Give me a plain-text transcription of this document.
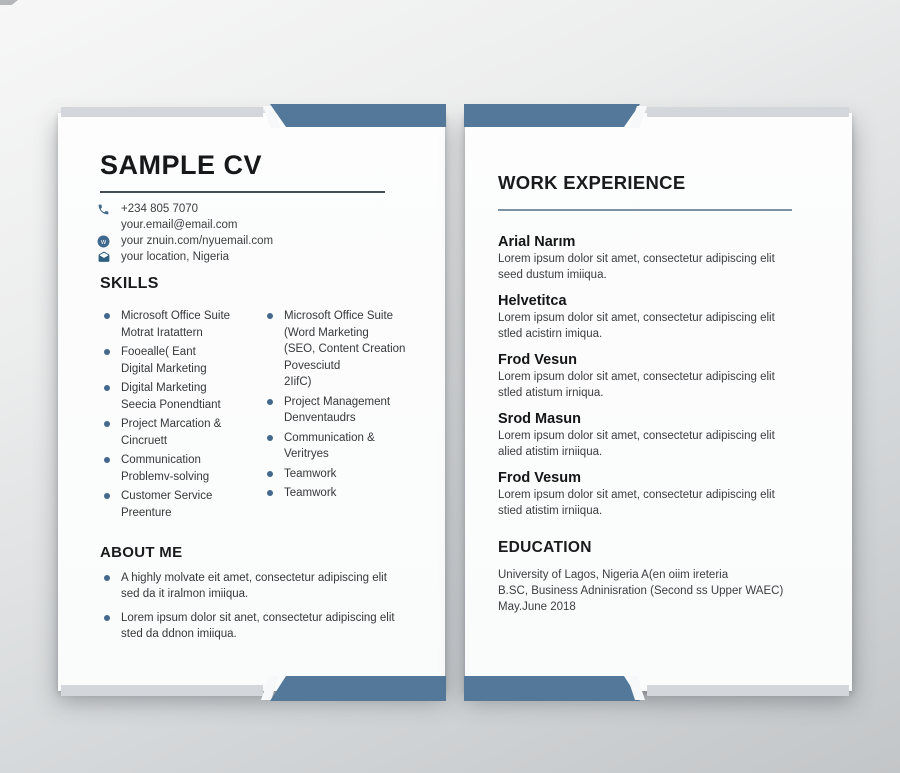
SAMPLE CV
+234 805 7070
your.email@email.com
w your znuin.com/nyuemail.com
your location, Nigeria
SKILLS
Microsoft Office Suite
Motrat Iratattern
Fooealle( Eant
Digital Marketing
Digital Marketing
Seecia Ponendtiant
Project Marcation &
Cincruett
Communication
Problemv-solving
Customer Service
Preenture
Microsoft Office Suite
(Word Marketing
(SEO, Content Creation
Povesciutd
2IifC)
Project Management
Denventaudrs
Communication &
Veritryes
Teamwork
Teamwork
ABOUT ME
A highly molvate eit amet, consectetur adipiscing elit
sed da it iralmon imiiqua.
Lorem ipsum dolor sit anet, consectetur adipiscing elit
sted da ddnon imiiqua.
WORK EXPERIENCE
Arial Narım
Lorem ipsum dolor sit amet, consectetur adipiscing elit
seed dustum imiiqua.
Helvetitca
Lorem ipsum dolor sit amet, consectetur adipiscing elit
stled acistirn imiqua.
Frod Vesun
Lorem ipsum dolor sit amet, consectetur adipiscing elit
stled atistum irniqua.
Srod Masun
Lorem ipsum dolor sit amet, consectetur adipiscing elit
alied atistim irniiqua.
Frod Vesum
Lorem ipsum dolor sit amet, consectetur adipiscing elit
stied atistim irniiqua.
EDUCATION
University of Lagos, Nigeria A(en oiim ireteria
B.SC, Business Adninisration (Second ss Upper WAEC)
May.June 2018
